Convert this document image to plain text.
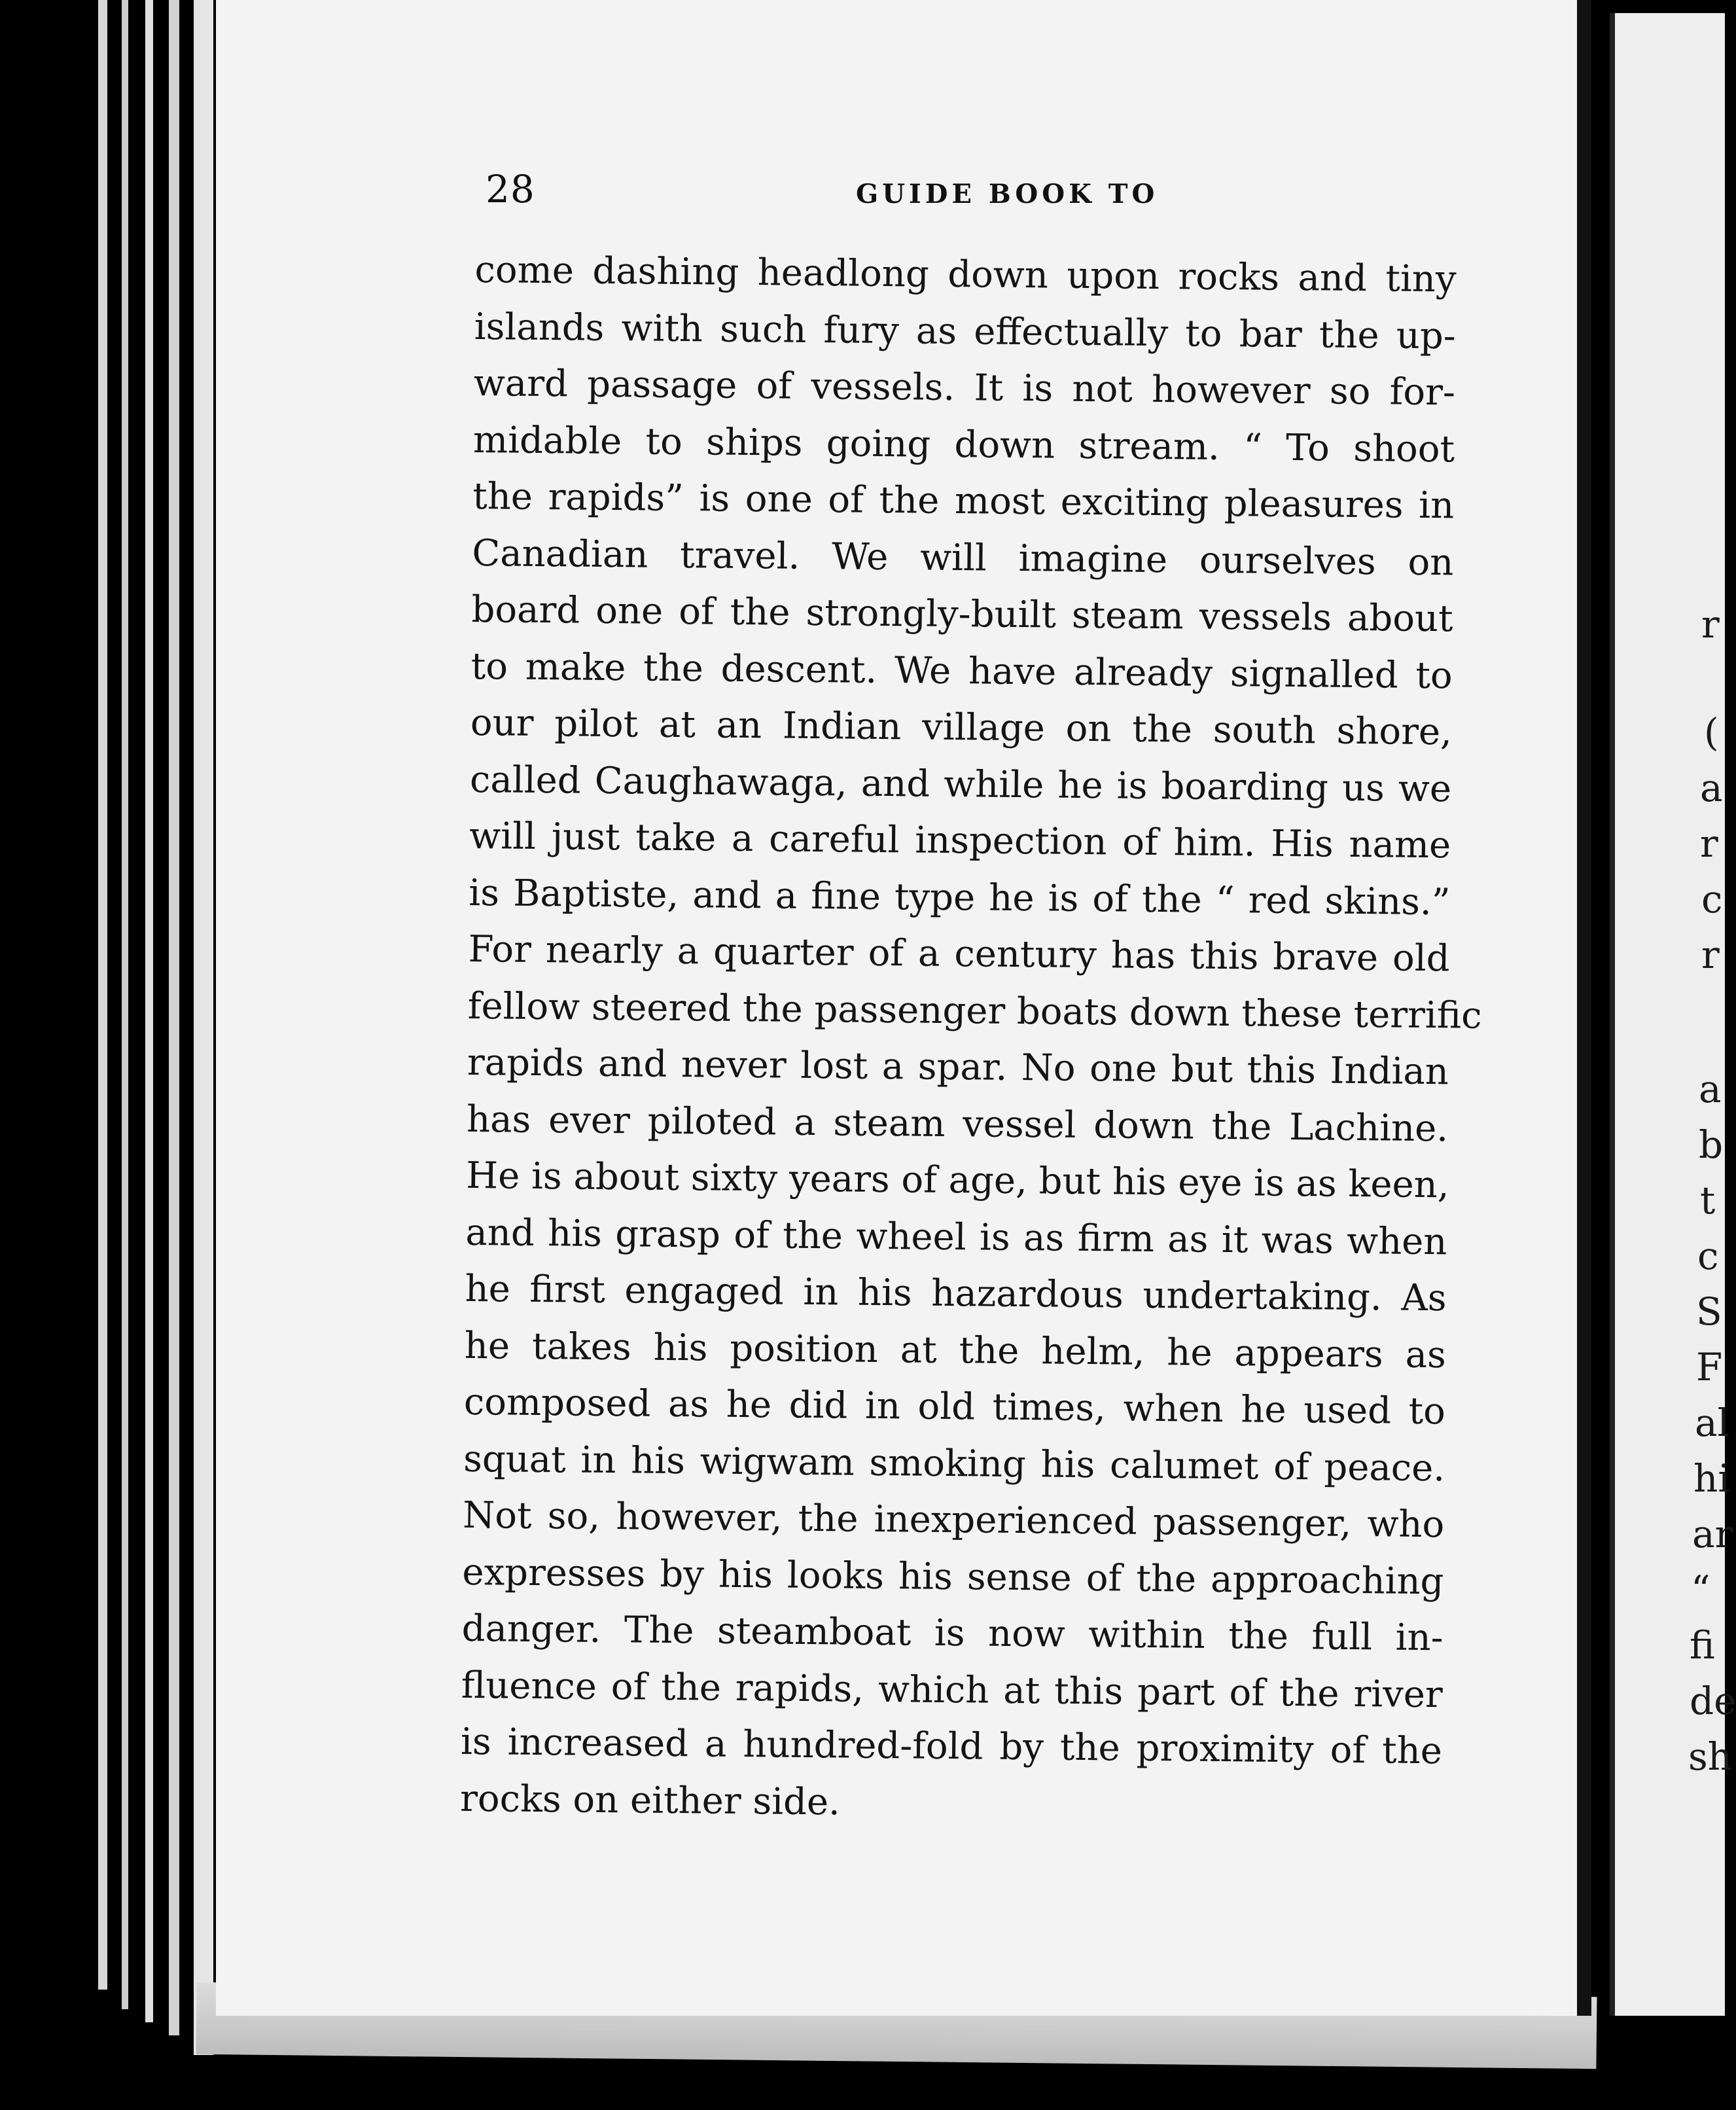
r
(
a
r
c
r
a
b
t
c
S
F
al
hi
ar
“
fi
de
sh
28	GUIDE BOOK TO
come dashing headlong down upon rocks and tiny
islands with such fury as effectually to bar the up-
ward passage of vessels. It is not however so for-
midable to ships going down stream. “ To shoot
the rapids” is one of the most exciting pleasures in
Canadian travel. We will imagine ourselves on
board one of the strongly-built steam vessels about
to make the descent. We have already signalled to
our pilot at an Indian village on the south shore,
called Caughawaga, and while he is boarding us we
will just take a careful inspection of him. His name
is Baptiste, and a fine type he is of the “ red skins.”
For nearly a quarter of a century has this brave old
fellow steered the passenger boats down these terrific
rapids and never lost a spar. No one but this Indian
has ever piloted a steam vessel down the Lachine.
He is about sixty years of age, but his eye is as keen,
and his grasp of the wheel is as firm as it was when
he first engaged in his hazardous undertaking. As
he takes his position at the helm, he appears as
composed as he did in old times, when he used to
squat in his wigwam smoking his calumet of peace.
Not so, however, the inexperienced passenger, who
expresses by his looks his sense of the approaching
danger. The steamboat is now within the full in-
fluence of the rapids, which at this part of the river
is increased a hundred-fold by the proximity of the
rocks on either side.
